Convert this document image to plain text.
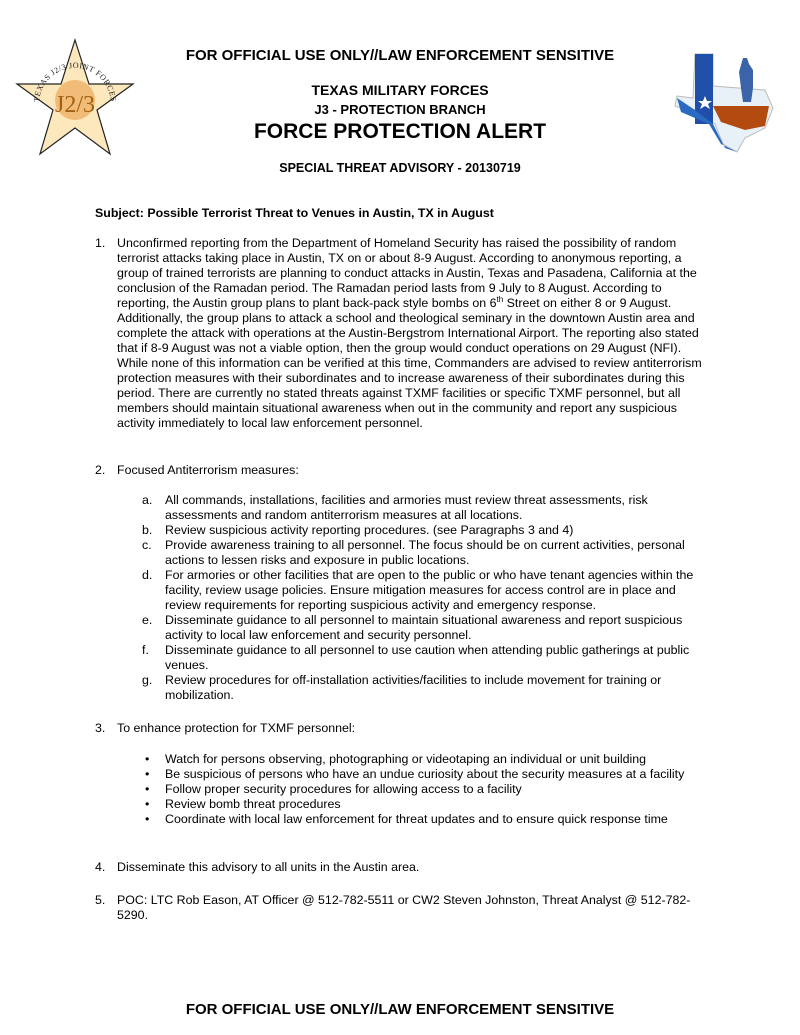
TEXAS J2/3 JOINT FORCES
J2/3
FOR OFFICIAL USE ONLY//LAW ENFORCEMENT SENSITIVE
TEXAS MILITARY FORCES
J3 - PROTECTION BRANCH
FORCE PROTECTION ALERT
SPECIAL THREAT ADVISORY - 20130719
Subject: Possible Terrorist Threat to Venues in Austin, TX in August
1. Unconfirmed reporting from the Department of Homeland Security has raised the possibility of random terrorist attacks taking place in Austin, TX on or about 8-9 August. According to anonymous reporting, a group of trained terrorists are planning to conduct attacks in Austin, Texas and Pasadena, California at the conclusion of the Ramadan period. The Ramadan period lasts from 9 July to 8 August. According to reporting, the Austin group plans to plant back-pack style bombs on 6th Street on either 8 or 9 August. Additionally, the group plans to attack a school and theological seminary in the downtown Austin area and complete the attack with operations at the Austin-Bergstrom International Airport. The reporting also stated that if 8-9 August was not a viable option, then the group would conduct operations on 29 August (NFI). While none of this information can be verified at this time, Commanders are advised to review antiterrorism protection measures with their subordinates and to increase awareness of their subordinates during this period. There are currently no stated threats against TXMF facilities or specific TXMF personnel, but all members should maintain situational awareness when out in the community and report any suspicious activity immediately to local law enforcement personnel.
2. Focused Antiterrorism measures:

a. All commands, installations, facilities and armories must review threat assessments, risk assessments and random antiterrorism measures at all locations.

b. Review suspicious activity reporting procedures. (see Paragraphs 3 and 4)

c. Provide awareness training to all personnel. The focus should be on current activities, personal actions to lessen risks and exposure in public locations.

d. For armories or other facilities that are open to the public or who have tenant agencies within the facility, review usage policies. Ensure mitigation measures for access control are in place and review requirements for reporting suspicious activity and emergency response.

e. Disseminate guidance to all personnel to maintain situational awareness and report suspicious activity to local law enforcement and security personnel.

f. Disseminate guidance to all personnel to use caution when attending public gatherings at public venues.

g. Review procedures for off-installation activities/facilities to include movement for training or mobilization.

3. To enhance protection for TXMF personnel:
• Watch for persons observing, photographing or videotaping an individual or unit building
• Be suspicious of persons who have an undue curiosity about the security measures at a facility
• Follow proper security procedures for allowing access to a facility
• Review bomb threat procedures
• Coordinate with local law enforcement for threat updates and to ensure quick response time
4. Disseminate this advisory to all units in the Austin area.
5. POC: LTC Rob Eason, AT Officer @ 512-782-5511 or CW2 Steven Johnston, Threat Analyst @ 512-782-5290.
FOR OFFICIAL USE ONLY//LAW ENFORCEMENT SENSITIVE
